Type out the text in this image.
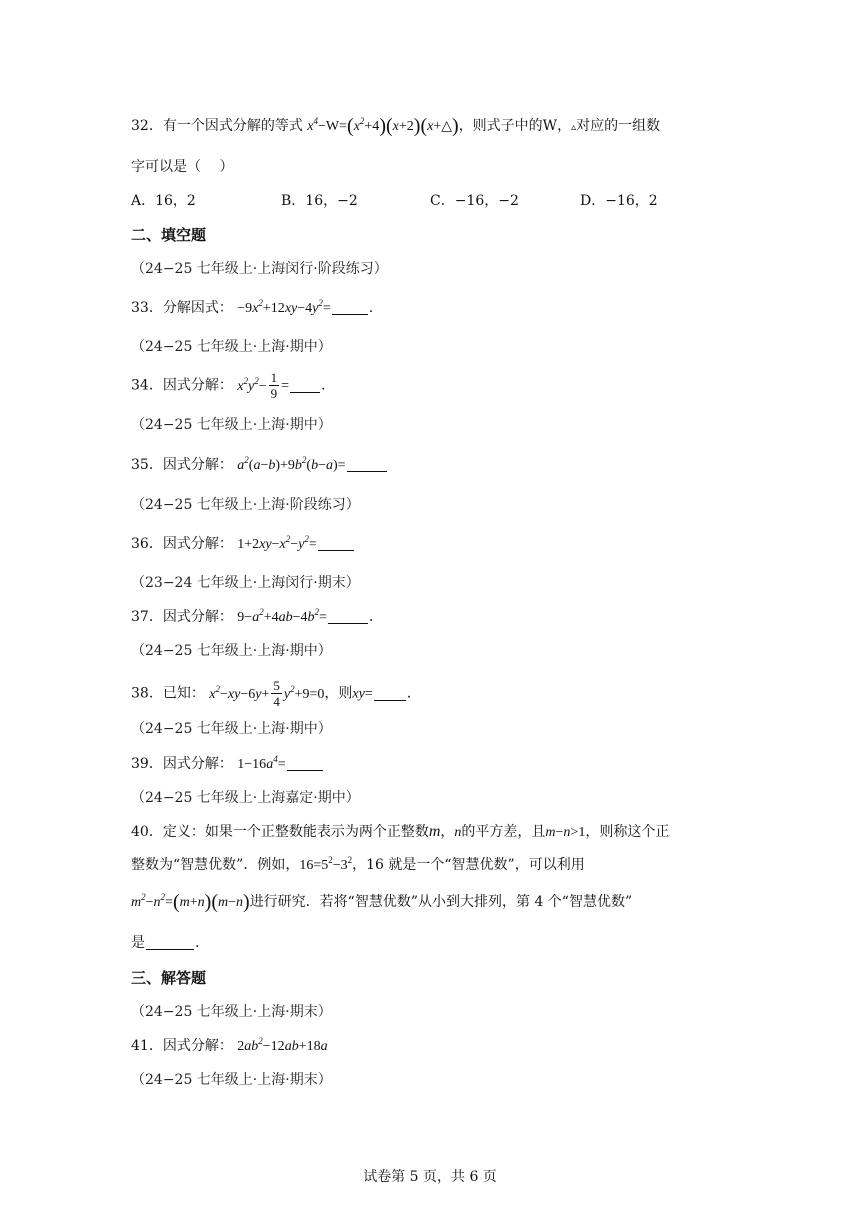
32．有一个因式分解的等式 $x^4-W=(x^2+4)(x+2)(x+\triangle)$，则式子中的W，▵对应的一组数
字可以是（　 ）
A．16，2	B．16，−2	C．−16，−2	D．−16，2
二、填空题
（24−25 七年级上·上海闵行·阶段练习）
33．分解因式： $-9x^2+12xy-4y^2=$	.
（24−25 七年级上·上海·期中）
34．因式分解： $x^2y^2- \frac{1}{9}$ = .
（24−25 七年级上·上海·期中）
35．因式分解： $a^2(a-b)+9b^2(b-a)=$
（24−25 七年级上·上海·阶段练习）
36．因式分解： $1+2xy-x^2-y^2=$
（23−24 七年级上·上海闵行·期末）
37．因式分解： $9-a^2+4ab-4b^2=$	.
（24−25 七年级上·上海·期中）
38．已知： $x^2-xy-6y+ \frac{5}{4} y^2+9=0$，则xy= .
（24−25 七年级上·上海·期中）
39．因式分解： $1-16a^4=$
（24−25 七年级上·上海嘉定·期中）
40．定义：如果一个正整数能表示为两个正整数m，n的平方差，且m−n>1，则称这个正
整数为“智慧优数”．例如，$16=5^2-3^2$，16 就是一个“智慧优数”，可以利用
$m^2-n^2=(m+n)(m-n)$进行研究．若将“智慧优数”从小到大排列，第 4 个“智慧优数”
是	.
三、解答题
（24−25 七年级上·上海·期末）
41．因式分解： $2ab^2-12ab+18a$
（24−25 七年级上·上海·期末）
试卷第 5 页，共 6 页
